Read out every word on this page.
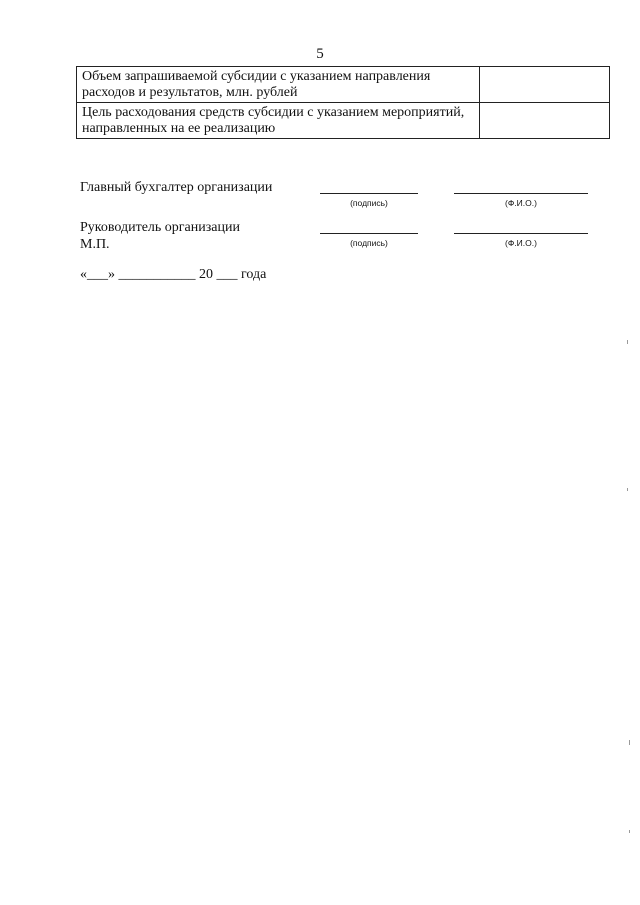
5
Объем запрашиваемой субсидии с указанием направления расходов и результатов, млн. рублей	
Цель расходования средств субсидии с указанием мероприятий, направленных на ее реализацию	
Главный бухгалтер организации
(подпись)	(Ф.И.О.)
Руководитель организации
М.П.	(подпись)	(Ф.И.О.)
«___» ___________ 20 ___ года
